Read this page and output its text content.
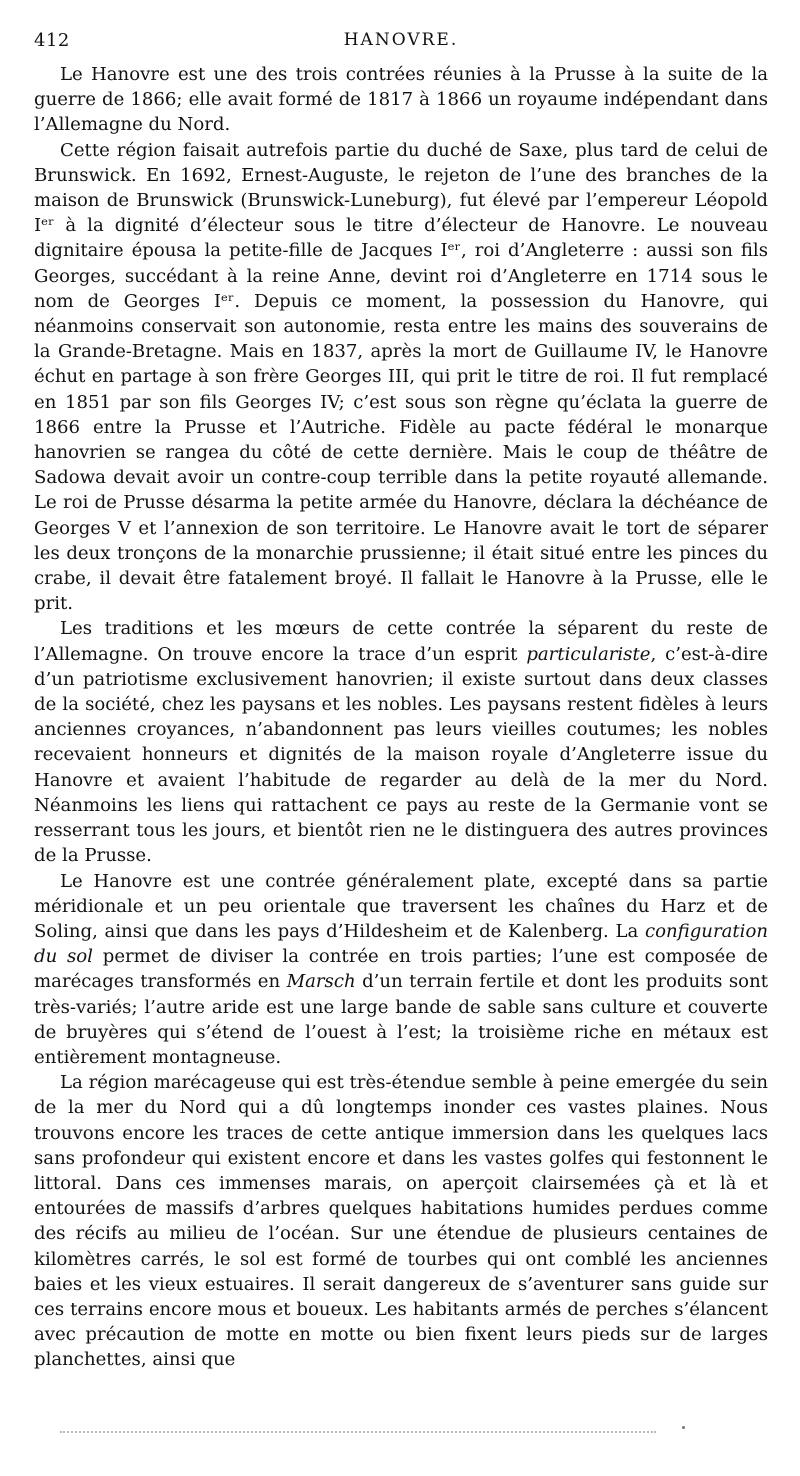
412	HANOVRE.

Le Hanovre est une des trois contrées réunies à la Prusse à la suite de la guerre de 1866; elle avait formé de 1817 à 1866 un royaume indépendant dans l’Allemagne du Nord.

Cette région faisait autrefois partie du duché de Saxe, plus tard de celui de Brunswick. En 1692, Ernest-Auguste, le rejeton de l’une des branches de la maison de Brunswick (Brunswick-Luneburg), fut élevé par l’empereur Léopold Iᵉʳ à la dignité d’électeur sous le titre d’électeur de Hanovre. Le nouveau dignitaire épousa la petite-fille de Jacques Iᵉʳ, roi d’Angleterre : aussi son fils Georges, succédant à la reine Anne, devint roi d’Angleterre en 1714 sous le nom de Georges Iᵉʳ. Depuis ce moment, la possession du Hanovre, qui néanmoins conservait son autonomie, resta entre les mains des souverains de la Grande-Bretagne. Mais en 1837, après la mort de Guillaume IV, le Hanovre échut en partage à son frère Georges III, qui prit le titre de roi. Il fut remplacé en 1851 par son fils Georges IV; c’est sous son règne qu’éclata la guerre de 1866 entre la Prusse et l’Autriche. Fidèle au pacte fédéral le monarque hanovrien se rangea du côté de cette dernière. Mais le coup de théâtre de Sadowa devait avoir un contre-coup terrible dans la petite royauté allemande. Le roi de Prusse désarma la petite armée du Hanovre, déclara la déchéance de Georges V et l’annexion de son territoire. Le Hanovre avait le tort de séparer les deux tronçons de la monarchie prussienne; il était situé entre les pinces du crabe, il devait être fatalement broyé. Il fallait le Hanovre à la Prusse, elle le prit.

Les traditions et les mœurs de cette contrée la séparent du reste de l’Allemagne. On trouve encore la trace d’un esprit particulariste, c’est-à-dire d’un patriotisme exclusivement hanovrien; il existe surtout dans deux classes de la société, chez les paysans et les nobles. Les paysans restent fidèles à leurs anciennes croyances, n’abandonnent pas leurs vieilles coutumes; les nobles recevaient honneurs et dignités de la maison royale d’Angleterre issue du Hanovre et avaient l’habitude de regarder au delà de la mer du Nord. Néanmoins les liens qui rattachent ce pays au reste de la Germanie vont se resserrant tous les jours, et bientôt rien ne le distinguera des autres provinces de la Prusse.

Le Hanovre est une contrée généralement plate, excepté dans sa partie méridionale et un peu orientale que traversent les chaînes du Harz et de Soling, ainsi que dans les pays d’Hildesheim et de Kalenberg. La configuration du sol permet de diviser la contrée en trois parties; l’une est composée de marécages transformés en Marsch d’un terrain fertile et dont les produits sont très-variés; l’autre aride est une large bande de sable sans culture et couverte de bruyères qui s’étend de l’ouest à l’est; la troisième riche en métaux est entièrement montagneuse.

La région marécageuse qui est très-étendue semble à peine emergée du sein de la mer du Nord qui a dû longtemps inonder ces vastes plaines. Nous trouvons encore les traces de cette antique immersion dans les quelques lacs sans profondeur qui existent encore et dans les vastes golfes qui festonnent le littoral. Dans ces immenses marais, on aperçoit clairsemées çà et là et entourées de massifs d’arbres quelques habitations humides perdues comme des récifs au milieu de l’océan. Sur une étendue de plusieurs centaines de kilomètres carrés, le sol est formé de tourbes qui ont comblé les anciennes baies et les vieux estuaires. Il serait dangereux de s’aventurer sans guide sur ces terrains encore mous et boueux. Les habitants armés de perches s’élancent avec précaution de motte en motte ou bien fixent leurs pieds sur de larges planchettes, ainsi que
